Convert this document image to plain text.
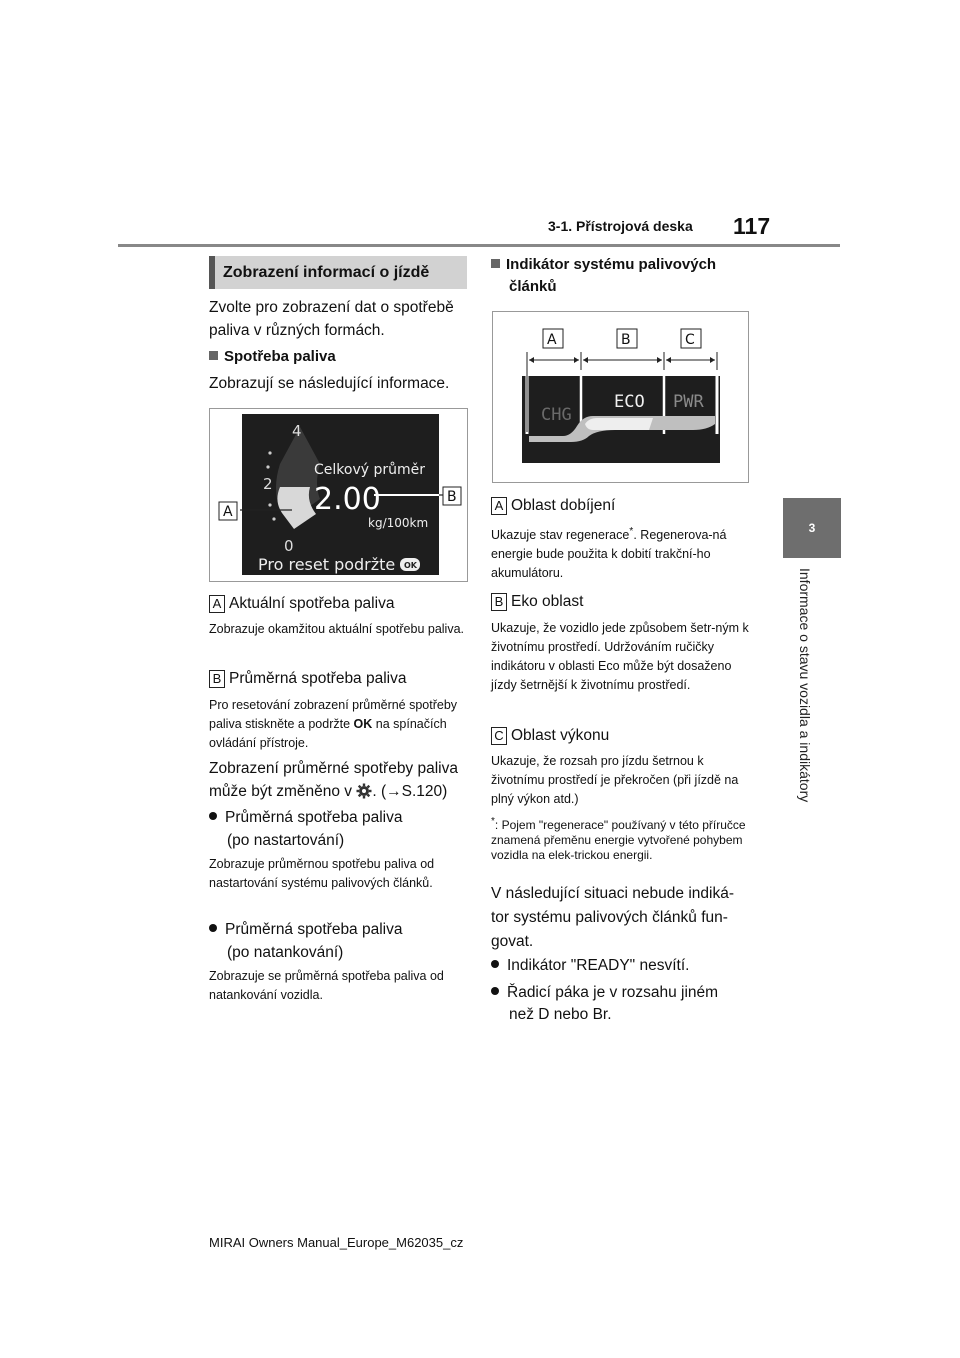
3-1. Přístrojová deska 117
3
Informace o stavu vozidla a indikátory
Zobrazení informací o jízdě
Zvolte pro zobrazení dat o spotřebě paliva v různých formách.
Spotřeba paliva
Zobrazují se následující informace.
4
2
0
Celkový průměr
2.00
kg/100km
Pro reset podržte OK
A
B
A Aktuální spotřeba paliva
Zobrazuje okamžitou aktuální spotřebu paliva.
B Průměrná spotřeba paliva
Pro resetování zobrazení průměrné spotřeby paliva stiskněte a podržte OK na spínačích ovládání přístroje.
Zobrazení průměrné spotřeby paliva může být změněno v . (→S.120)
Průměrná spotřeba paliva
(po nastartování)
Zobrazuje průměrnou spotřebu paliva od nastartování systému palivových článků.
Průměrná spotřeba paliva
(po natankování)
Zobrazuje se průměrná spotřeba paliva od natankování vozidla.
Indikátor systému palivových
článků
A	B	C
CHG
ECO PWR
A Oblast dobíjení
Ukazuje stav regenerace*. Regenerova-ná energie bude použita k dobití trakční-ho akumulátoru.
B Eko oblast
Ukazuje, že vozidlo jede způsobem šetr-ným k životnímu prostředí. Udržováním ručičky indikátoru v oblasti Eco může být dosaženo jízdy šetrnější k životnímu prostředí.
C Oblast výkonu
Ukazuje, že rozsah pro jízdu šetrnou k životnímu prostředí je překročen (při jízdě na plný výkon atd.)
*: Pojem "regenerace" používaný v této příručce znamená přeměnu energie vytvořené pohybem vozidla na elek-trickou energii.
V následující situaci nebude indiká-tor systému palivových článků fun-govat.
Indikátor "READY" nesvítí.
Řadicí páka je v rozsahu jiném
než D nebo Br.
MIRAI Owners Manual_Europe_M62035_cz
